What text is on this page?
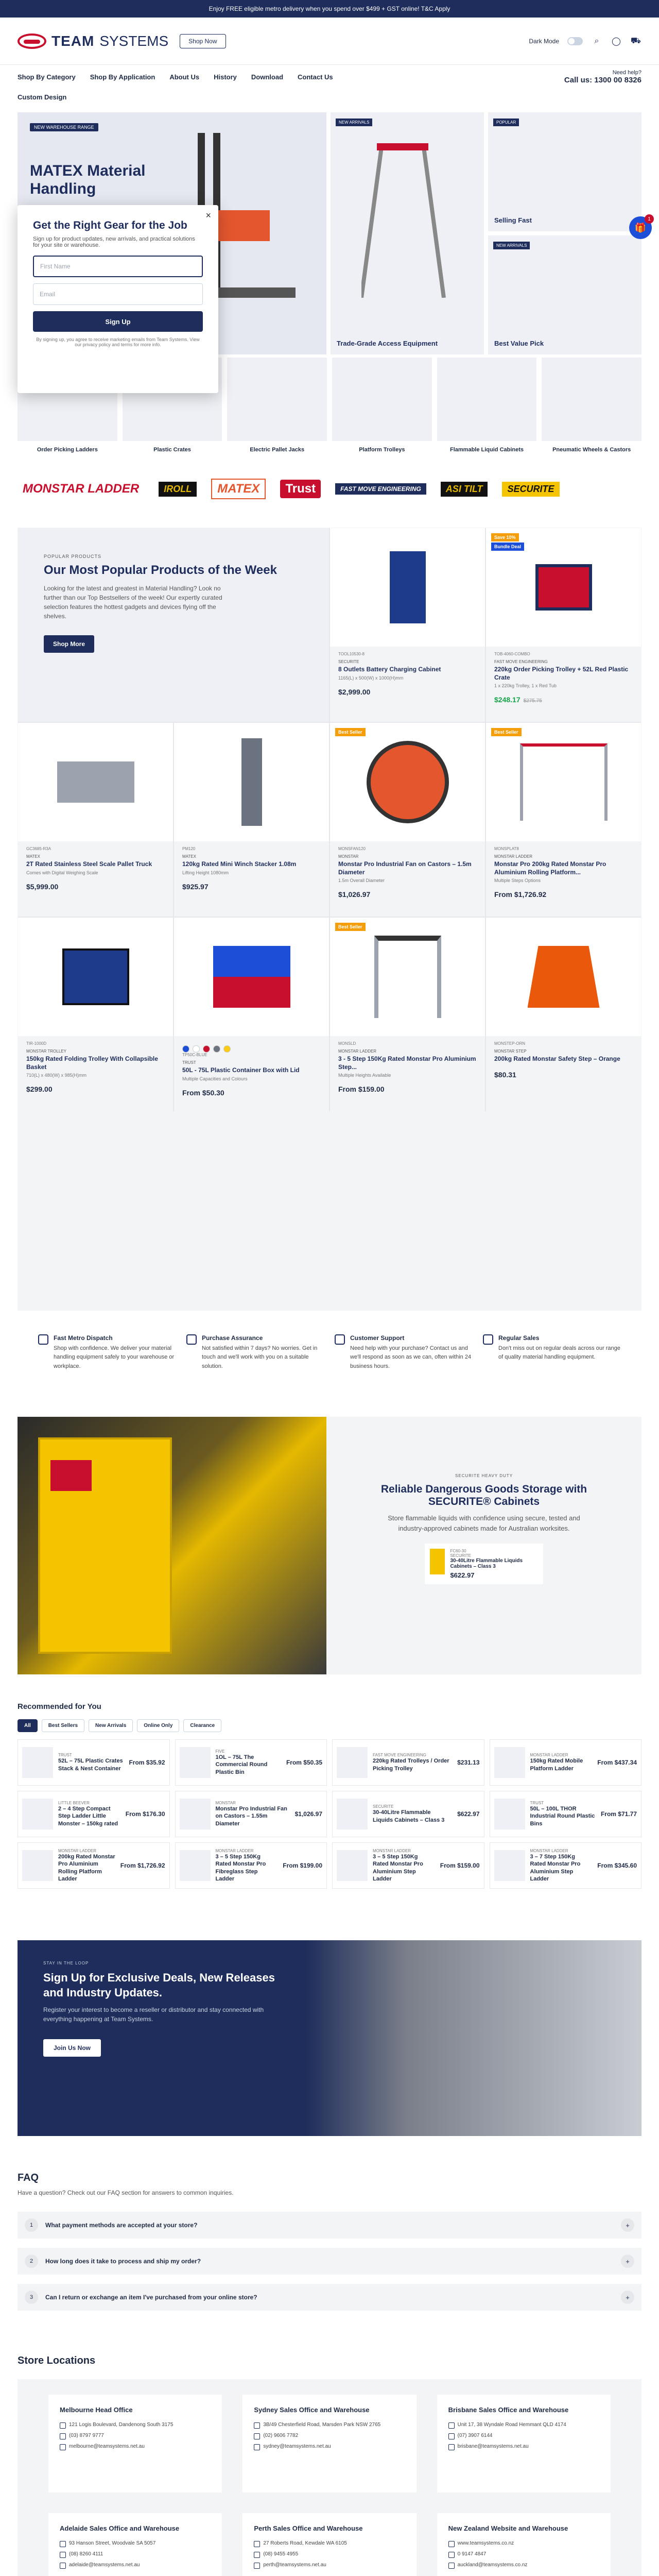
Enjoy FREE eligible metro delivery when you spend over $499 + GST online! T&C Apply
TEAM SYSTEMS	Shop Now	Dark Mode	⌕	◯ ⛟
Shop By Category Shop By Application About Us History Download Contact Us
Need help?
Call us: 1300 00 8326
Custom Design
NEW WAREHOUSE RANGE
MATEX Material Handling
NEW ARRIVALS
Trade-Grade Access Equipment
POPULAR
Selling Fast
NEW ARRIVALS
Best Value Pick
×
Get the Right Gear for the Job

Sign up for product updates, new arrivals, and practical solutions for your site or warehouse.

First Name
Email
Sign Up

By signing up, you agree to receive marketing emails from Team Systems. View our privacy policy and terms for more info.

🎁
1
Order Picking Ladders	Plastic Crates	Electric Pallet Jacks	Platform Trolleys	Flammable Liquid Cabinets	Pneumatic Wheels & Castors
MONSTAR LADDER	IROLL	MATEX	Trust	FAST MOVE ENGINEERING	ASI TILT	SECURITE
POPULAR PRODUCTS
Our Most Popular Products of the Week

Looking for the latest and greatest in Material Handling? Look no further than our Top Bestsellers of the week! Our expertly curated selection features the hottest gadgets and devices flying off the shelves.

Shop More
TOOL10530-8
SECURITE
8 Outlets Battery Charging Cabinet
1165(L) x 500(W) x 1000(H)mm
$2,999.00
Save 10%
Bundle Deal
TOB-4060-COMBO
FAST MOVE ENGINEERING
220kg Order Picking Trolley + 52L Red Plastic Crate
1 x 220kg Trolley, 1 x Red Tub
$248.17 $275.75
GC3685-R3A
MATEX
2T Rated Stainless Steel Scale Pallet Truck
Comes with Digital Weighing Scale
$5,999.00
PM120
MATEX
120kg Rated Mini Winch Stacker 1.08m
Lifting Height 1080mm
$925.97
Best Seller
MONSFAN120
MONSTAR
Monstar Pro Industrial Fan on Castors – 1.5m Diameter
1.5m Overall Diameter
$1,026.97
Best Seller
MONSPLAT8
MONSTAR LADDER
Monstar Pro 200kg Rated Monstar Pro Aluminium Rolling Platform...
Multiple Steps Options
From $1,726.92
TIR-1000D
MONSTAR TROLLEY
150kg Rated Folding Trolley With Collapsible Basket
710(L) x 480(W) x 985(H)mm
$299.00
TP50C-BLUE
TRUST
50L - 75L Plastic Container Box with Lid
Multiple Capacities and Colours
From $50.30
Best Seller
MONSLD
MONSTAR LADDER
3 - 5 Step 150Kg Rated Monstar Pro Aluminium Step...
Multiple Heights Available
From $159.00
MONSTEP-ORN
MONSTAR STEP
200kg Rated Monstar Safety Step – Orange
$80.31
Fast Metro Dispatch
Shop with confidence. We deliver your material handling equipment safely to your warehouse or workplace.
Purchase Assurance
Not satisfied within 7 days? No worries. Get in touch and we'll work with you on a suitable solution.
Customer Support
Need help with your purchase? Contact us and we'll respond as soon as we can, often within 24 business hours.
Regular Sales
Don't miss out on regular deals across our range of quality material handling equipment.
SECURITE HEAVY DUTY
Reliable Dangerous Goods Storage with SECURITE® Cabinets

Store flammable liquids with confidence using secure, tested and industry-approved cabinets made for Australian worksites.

FC60-30
SECURITE
30-40Litre Flammable Liquids Cabinets – Class 3
$622.97
Recommended for You
All	Best Sellers	New Arrivals	Online Only	Clearance
TRUST
52L – 75L Plastic Crates Stack & Nest Container
From $35.92
FIVE
1OL – 75L The Commercial Round Plastic Bin
From $50.35
FAST MOVE ENGINEERING
220kg Rated Trolleys / Order Picking Trolley
$231.13
MONSTAR LADDER
150kg Rated Mobile Platform Ladder
From $437.34
LITTLE BEEVER
2 – 4 Step Compact Step Ladder Little Monster – 150kg rated
From $176.30
MONSTAR
Monstar Pro Industrial Fan on Castors – 1.55m Diameter
$1,026.97
SECURITE
30-40Litre Flammable Liquids Cabinets – Class 3
$622.97
TRUST
50L – 100L THOR Industrial Round Plastic Bins
From $71.77
MONSTAR LADDER
200kg Rated Monstar Pro Aluminium Rolling Platform Ladder
From $1,726.92
MONSTAR LADDER
3 – 5 Step 150Kg Rated Monstar Pro Fibreglass Step Ladder
From $199.00
MONSTAR LADDER
3 – 5 Step 150Kg Rated Monstar Pro Aluminium Step Ladder
From $159.00
MONSTAR LADDER
3 – 7 Step 150Kg Rated Monstar Pro Aluminium Step Ladder
From $345.60
STAY IN THE LOOP
Sign Up for Exclusive Deals, New Releases and Industry Updates.

Register your interest to become a reseller or distributor and stay connected with everything happening at Team Systems.

Join Us Now
FAQ
Have a question? Check out our FAQ section for answers to common inquiries.
1	What payment methods are accepted at your store?	+
2	How long does it take to process and ship my order?	+
3	Can I return or exchange an item I've purchased from your online store?	+
Store Locations
Melbourne Head Office
121 Logis Boulevard, Dandenong South 3175
(03) 8797 9777
melbourne@teamsystems.net.au
Sydney Sales Office and Warehouse
3B/49 Chesterfield Road, Marsden Park NSW 2765
(02) 9606 7782
sydney@teamsystems.net.au
Brisbane Sales Office and Warehouse
Unit 17, 38 Wyndale Road Hemmant QLD 4174
(07) 3907 6144
brisbane@teamsystems.net.au
Adelaide Sales Office and Warehouse
93 Hanson Street, Woodvale SA 5057
(08) 8260 4111
adelaide@teamsystems.net.au
Perth Sales Office and Warehouse
27 Roberts Road, Kewdale WA 6105
(08) 9455 4955
perth@teamsystems.net.au
New Zealand Website and Warehouse
www.teamsystems.co.nz
0 9147 4847
auckland@teamsystems.co.nz
